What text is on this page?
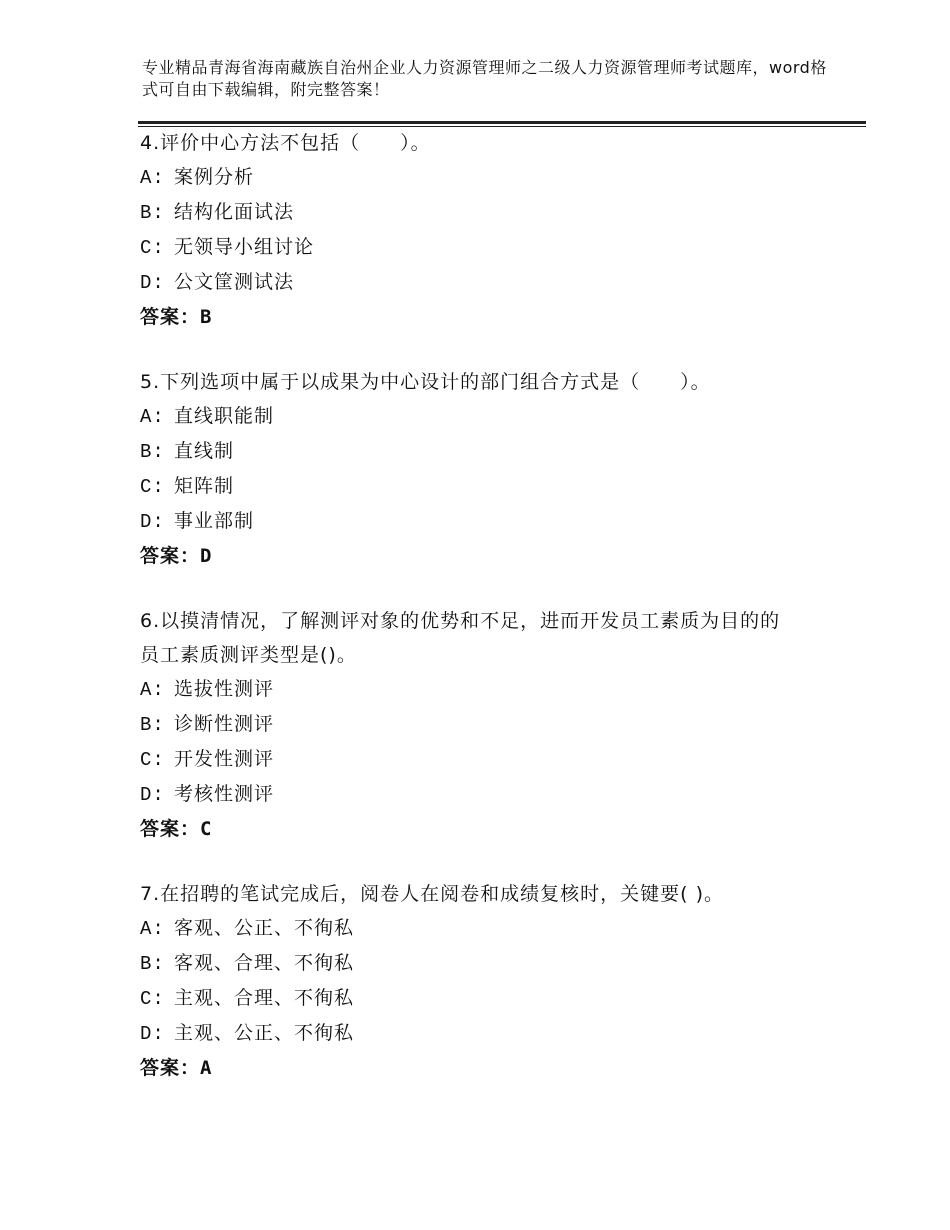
专业精品青海省海南藏族自治州企业人力资源管理师之二级人力资源管理师考试题库，word格式可自由下载编辑，附完整答案！

4.评价中心方法不包括（　　）。

A: 案例分析

B: 结构化面试法

C: 无领导小组讨论

D: 公文筐测试法

答案：B

5.下列选项中属于以成果为中心设计的部门组合方式是（　　）。

A: 直线职能制

B: 直线制

C: 矩阵制

D: 事业部制

答案：D

6.以摸清情况，了解测评对象的优势和不足，进而开发员工素质为目的的员工素质测评类型是()。

A: 选拔性测评

B: 诊断性测评

C: 开发性测评

D: 考核性测评

答案：C

7.在招聘的笔试完成后，阅卷人在阅卷和成绩复核时，关键要( )。

A: 客观、公正、不徇私

B: 客观、合理、不徇私

C: 主观、合理、不徇私

D: 主观、公正、不徇私

答案：A
